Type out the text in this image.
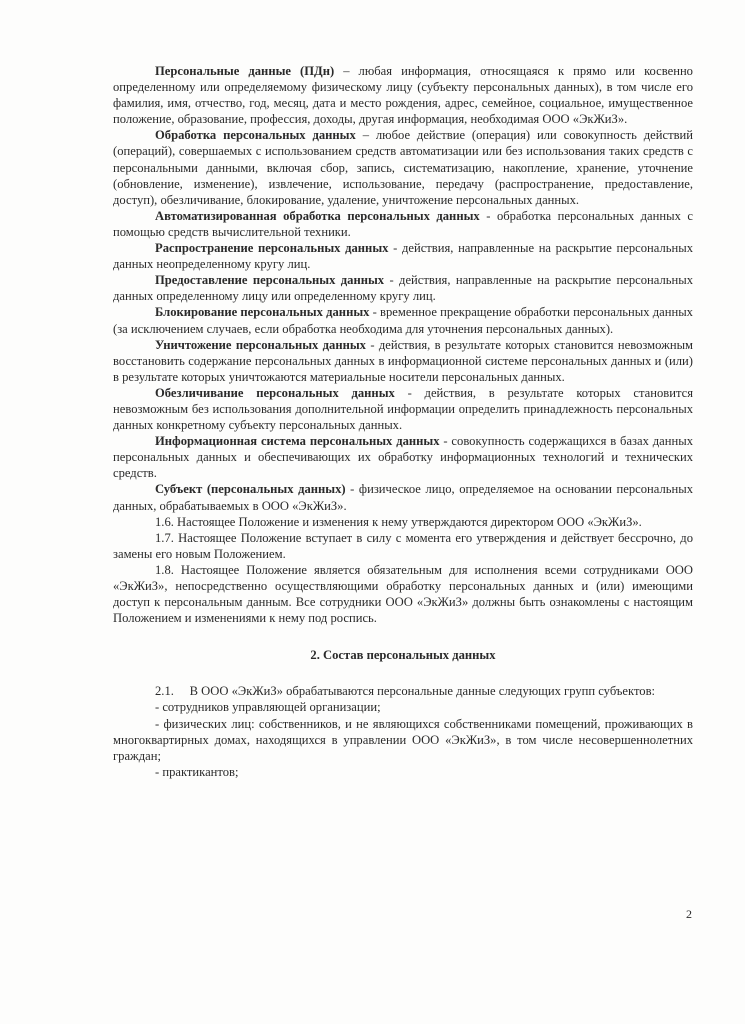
Персональные данные (ПДн) – любая информация, относящаяся к прямо или косвенно определенному или определяемому физическому лицу (субъекту персональных данных), в том числе его фамилия, имя, отчество, год, месяц, дата и место рождения, адрес, семейное, социальное, имущественное положение, образование, профессия, доходы, другая информация, необходимая ООО «ЭкЖиЗ».

Обработка персональных данных – любое действие (операция) или совокупность действий (операций), совершаемых с использованием средств автоматизации или без использования таких средств с персональными данными, включая сбор, запись, систематизацию, накопление, хранение, уточнение (обновление, изменение), извлечение, использование, передачу (распространение, предоставление, доступ), обезличивание, блокирование, удаление, уничтожение персональных данных.

Автоматизированная обработка персональных данных - обработка персональных данных с помощью средств вычислительной техники.

Распространение персональных данных - действия, направленные на раскрытие персональных данных неопределенному кругу лиц.

Предоставление персональных данных - действия, направленные на раскрытие персональных данных определенному лицу или определенному кругу лиц.

Блокирование персональных данных - временное прекращение обработки персональных данных (за исключением случаев, если обработка необходима для уточнения персональных данных).

Уничтожение персональных данных - действия, в результате которых становится невозможным восстановить содержание персональных данных в информационной системе персональных данных и (или) в результате которых уничтожаются материальные носители персональных данных.

Обезличивание персональных данных - действия, в результате которых становится невозможным без использования дополнительной информации определить принадлежность персональных данных конкретному субъекту персональных данных.

Информационная система персональных данных - совокупность содержащихся в базах данных персональных данных и обеспечивающих их обработку информационных технологий и технических средств.

Субъект (персональных данных) - физическое лицо, определяемое на основании персональных данных, обрабатываемых в ООО «ЭкЖиЗ».

1.6. Настоящее Положение и изменения к нему утверждаются директором ООО «ЭкЖиЗ».

1.7. Настоящее Положение вступает в силу с момента его утверждения и действует бессрочно, до замены его новым Положением.

1.8. Настоящее Положение является обязательным для исполнения всеми сотрудниками ООО «ЭкЖиЗ», непосредственно осуществляющими обработку персональных данных и (или) имеющими доступ к персональным данным. Все сотрудники ООО «ЭкЖиЗ» должны быть ознакомлены с настоящим Положением и изменениями к нему под роспись.

2. Состав персональных данных

2.1.     В ООО «ЭкЖиЗ» обрабатываются персональные данные следующих групп субъектов:

- сотрудников управляющей организации;

- физических лиц: собственников, и не являющихся собственниками помещений, проживающих в многоквартирных домах, находящихся в управлении ООО «ЭкЖиЗ», в том числе несовершеннолетних граждан;

- практикантов;

2
